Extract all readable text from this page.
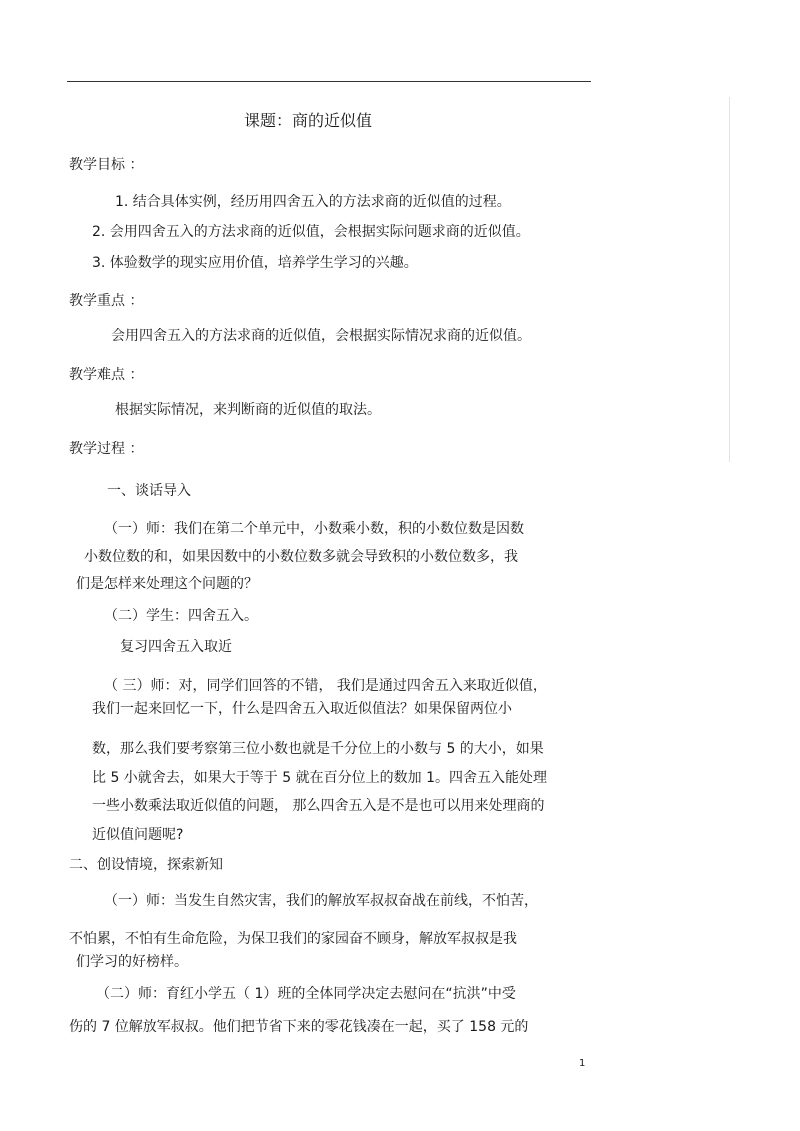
课题：商的近似值
教学目标 ：
1. 结合具体实例，经历用四舍五入的方法求商的近似值的过程。
2. 会用四舍五入的方法求商的近似值，会根据实际问题求商的近似值。
3. 体验数学的现实应用价值，培养学生学习的兴趣。
教学重点 ：
会用四舍五入的方法求商的近似值，会根据实际情况求商的近似值。
教学难点 ：
根据实际情况，来判断商的近似值的取法。
教学过程 ：
一、谈话导入
（一）师：我们在第二个单元中，小数乘小数，积的小数位数是因数
小数位数的和，如果因数中的小数位数多就会导致积的小数位数多，我
们是怎样来处理这个问题的？
（二）学生：四舍五入。
复习四舍五入取近
（ 三）师：对，同学们回答的不错， 我们是通过四舍五入来取近似值，
我们一起来回忆一下，什么是四舍五入取近似值法？如果保留两位小
数，那么我们要考察第三位小数也就是千分位上的小数与 5 的大小，如果
比 5 小就舍去，如果大于等于 5 就在百分位上的数加 1。四舍五入能处理
一些小数乘法取近似值的问题， 那么四舍五入是不是也可以用来处理商的
近似值问题呢?
二、创设情境，探索新知
（一）师：当发生自然灾害，我们的解放军叔叔奋战在前线，不怕苦，
不怕累，不怕有生命危险，为保卫我们的家园奋不顾身，解放军叔叔是我
们学习的好榜样。
（二）师：育红小学五（ 1）班的全体同学决定去慰问在“抗洪”中受
伤的 7 位解放军叔叔。他们把节省下来的零花钱凑在一起，买了 158 元的
1
